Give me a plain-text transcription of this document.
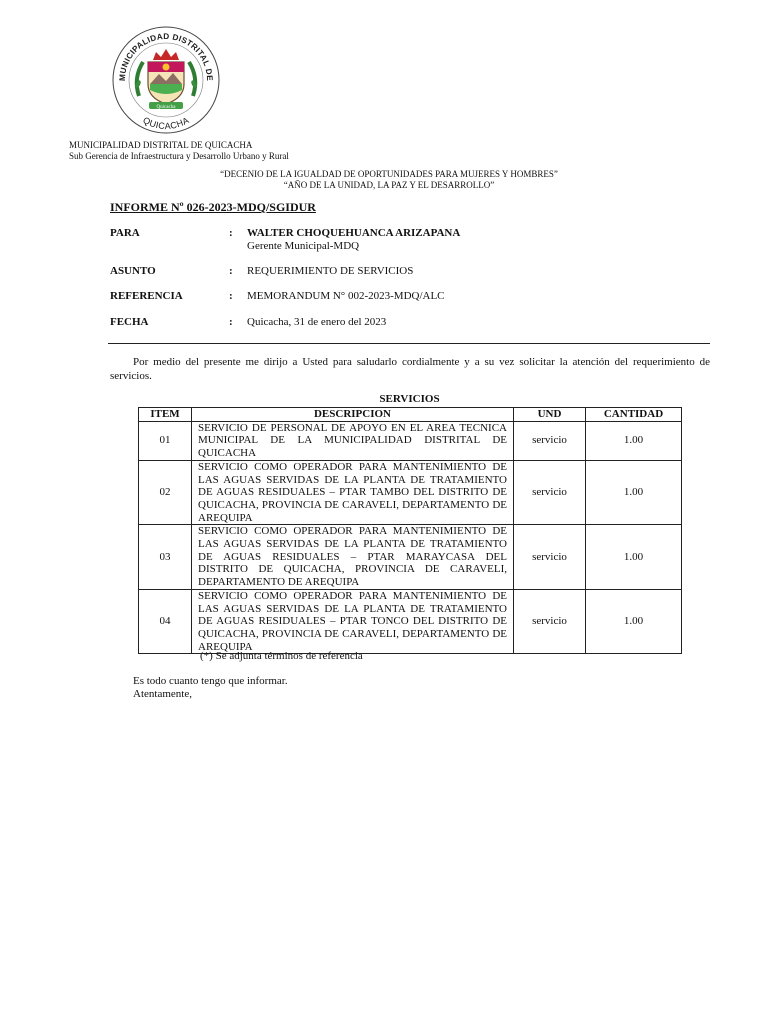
MUNICIPALIDAD DISTRITAL DE
QUICACHA
Quicacha
MUNICIPALIDAD DISTRITAL DE QUICACHA
Sub Gerencia de Infraestructura y Desarrollo Urbano y Rural
“DECENIO DE LA IGUALDAD DE OPORTUNIDADES PARA MUJERES Y HOMBRES”
“AÑO DE LA UNIDAD, LA PAZ Y EL DESARROLLO”
INFORME Nº 026-2023-MDQ/SGIDUR
PARA	: WALTER CHOQUEHUANCA ARIZAPANA
Gerente Municipal-MDQ
ASUNTO	: REQUERIMIENTO DE SERVICIOS
REFERENCIA	: MEMORANDUM N° 002-2023-MDQ/ALC
FECHA	: Quicacha, 31 de enero del 2023
Por medio del presente me dirijo a Usted para saludarlo cordialmente y a su vez solicitar la atención del requerimiento de servicios.
SERVICIOS
ITEM	DESCRIPCION	UND	CANTIDAD
01	SERVICIO DE PERSONAL DE APOYO EN EL AREA TECNICA MUNICIPAL DE LA MUNICIPALIDAD DISTRITAL DE QUICACHA	servicio	1.00
02	SERVICIO COMO OPERADOR PARA MANTENIMIENTO DE LAS AGUAS SERVIDAS DE LA PLANTA DE TRATAMIENTO DE AGUAS RESIDUALES – PTAR TAMBO DEL DISTRITO DE QUICACHA, PROVINCIA DE CARAVELI, DEPARTAMENTO DE AREQUIPA	servicio	1.00
03	SERVICIO COMO OPERADOR PARA MANTENIMIENTO DE LAS AGUAS SERVIDAS DE LA PLANTA DE TRATAMIENTO DE AGUAS RESIDUALES – PTAR MARAYCASA DEL DISTRITO DE QUICACHA, PROVINCIA DE CARAVELI, DEPARTAMENTO DE AREQUIPA	servicio	1.00
04	SERVICIO COMO OPERADOR PARA MANTENIMIENTO DE LAS AGUAS SERVIDAS DE LA PLANTA DE TRATAMIENTO DE AGUAS RESIDUALES – PTAR TONCO DEL DISTRITO DE QUICACHA, PROVINCIA DE CARAVELI, DEPARTAMENTO DE AREQUIPA	servicio	1.00
(*) Se adjunta términos de referencia
Es todo cuanto tengo que informar.
Atentamente,
